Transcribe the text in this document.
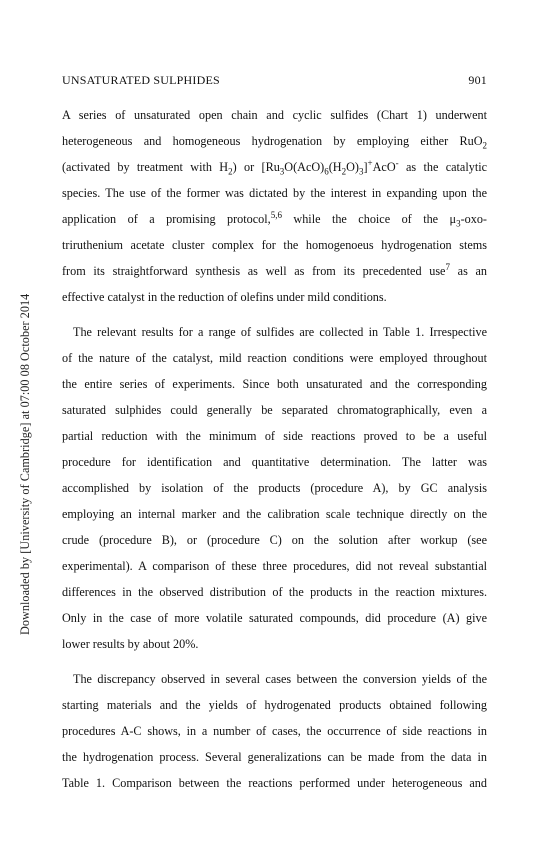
UNSATURATED SULPHIDES	901
Downloaded by [University of Cambridge] at 07:00 08 October 2014
A series of unsaturated open chain and cyclic sulfides (Chart 1) underwent
heterogeneous and homogeneous hydrogenation by employing either RuO$_2$
(activated by treatment with $H_2$) or $[Ru_3O(AcO)_6(H_2O)_3]^+AcO^-$ as the catalytic
species. The use of the former was dictated by the interest in expanding upon the
application of a promising protocol,$^{5,6}$ while the choice of the $\mu_3-oxo-$
triruthenium acetate cluster complex for the homogenoeus hydrogenation stems
from its straightforward synthesis as well as from its precedented use$^7$ as an
effective catalyst in the reduction of olefins under mild conditions.
The relevant results for a range of sulfides are collected in Table 1. Irrespective
of the nature of the catalyst, mild reaction conditions were employed throughout
the entire series of experiments. Since both unsaturated and the corresponding
saturated sulphides could generally be separated chromatographically, even a
partial reduction with the minimum of side reactions proved to be a useful
procedure for identification and quantitative determination. The latter was
accomplished by isolation of the products (procedure A), by GC analysis
employing an internal marker and the calibration scale technique directly on the
crude (procedure B), or (procedure C) on the solution after workup (see
experimental). A comparison of these three procedures, did not reveal substantial
differences in the observed distribution of the products in the reaction mixtures.
Only in the case of more volatile saturated compounds, did procedure (A) give
lower results by about 20%.
The discrepancy observed in several cases between the conversion yields of the
starting materials and the yields of hydrogenated products obtained following
procedures A-C shows, in a number of cases, the occurrence of side reactions in
the hydrogenation process. Several generalizations can be made from the data in
Table 1. Comparison between the reactions performed under heterogeneous and
